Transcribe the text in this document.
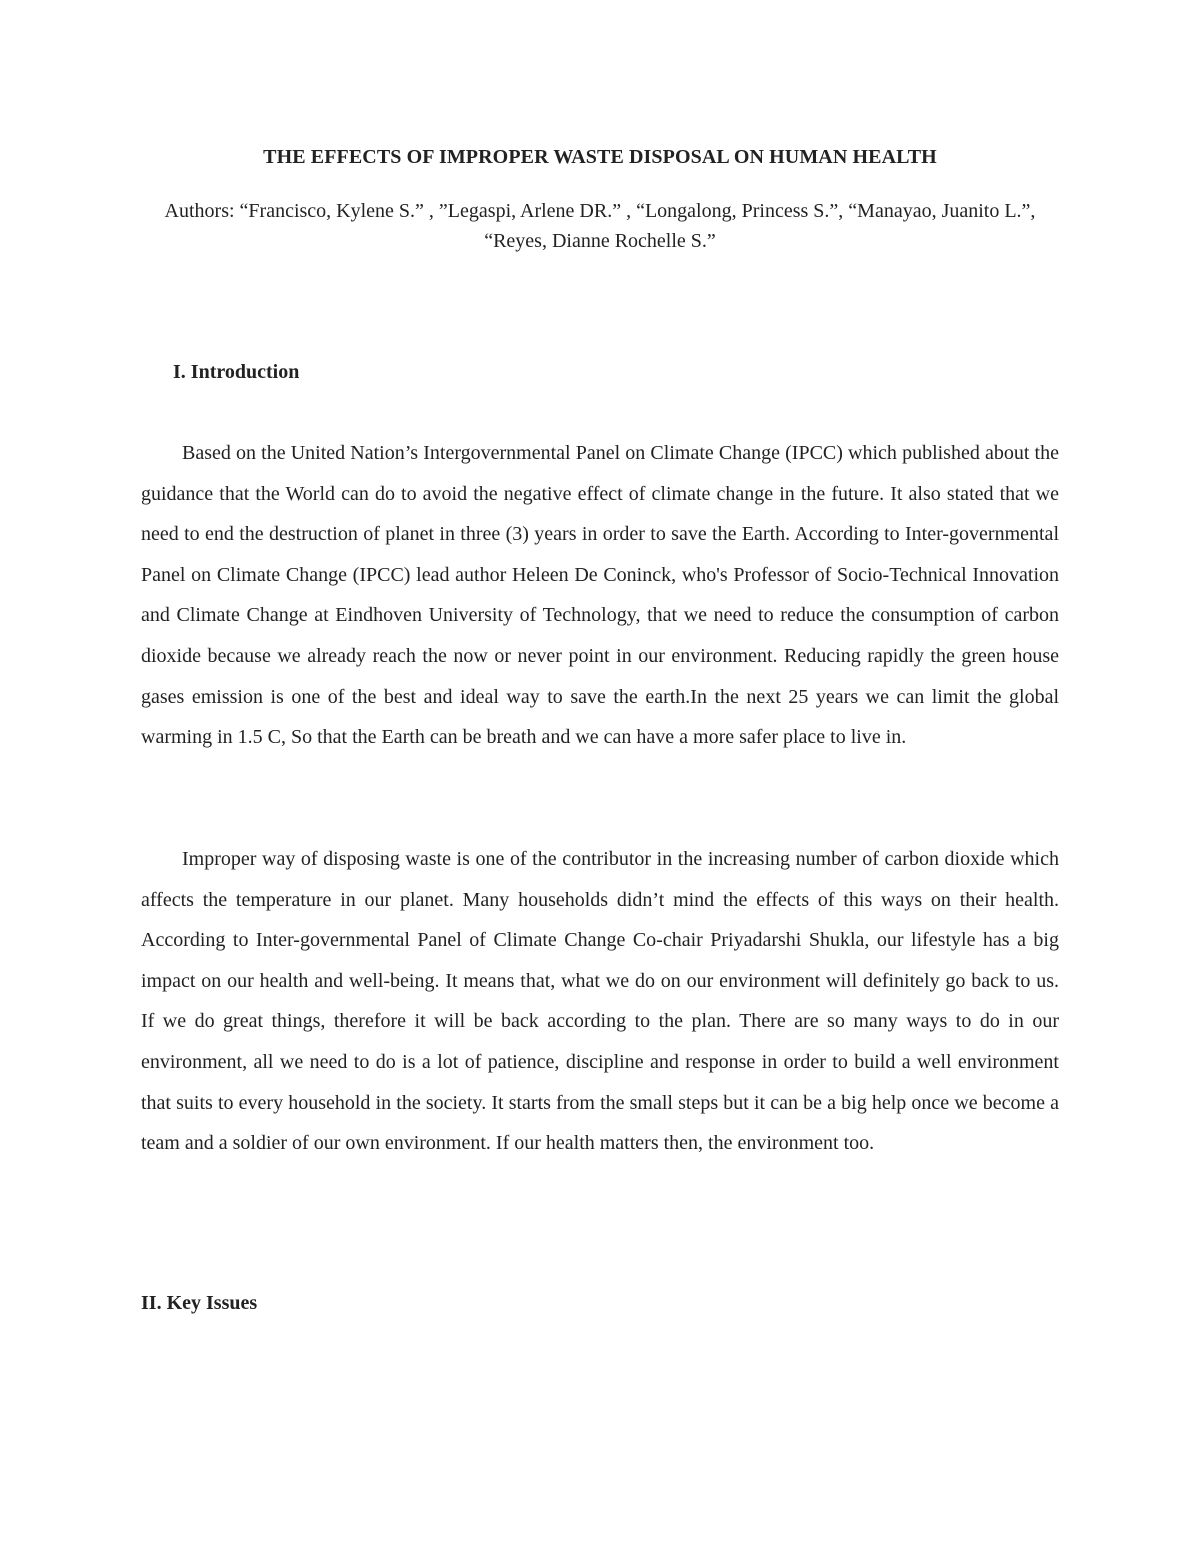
THE EFFECTS OF IMPROPER WASTE DISPOSAL ON HUMAN HEALTH

Authors: “Francisco, Kylene S.” , ”Legaspi, Arlene DR.” , “Longalong, Princess S.”, “Manayao, Juanito L.”, “Reyes, Dianne Rochelle S.”

I. Introduction

Based on the United Nation’s Intergovernmental Panel on Climate Change (IPCC) which published about the guidance that the World can do to avoid the negative effect of climate change in the future. It also stated that we need to end the destruction of planet in three (3) years in order to save the Earth. According to Inter-governmental Panel on Climate Change (IPCC) lead author Heleen De Coninck, who's Professor of Socio-Technical Innovation and Climate Change at Eindhoven University of Technology, that we need to reduce the consumption of carbon dioxide because we already reach the now or never point in our environment. Reducing rapidly the green house gases emission is one of the best and ideal way to save the earth.In the next 25 years we can limit the global warming in 1.5 C, So that the Earth can be breath and we can have a more safer place to live in.

Improper way of disposing waste is one of the contributor in the increasing number of carbon dioxide which affects the temperature in our planet. Many households didn’t mind the effects of this ways on their health. According to Inter-governmental Panel of Climate Change Co-chair Priyadarshi Shukla, our lifestyle has a big impact on our health and well-being. It means that, what we do on our environment will definitely go back to us. If we do great things, therefore it will be back according to the plan. There are so many ways to do in our environment, all we need to do is a lot of patience, discipline and response in order to build a well environment that suits to every household in the society. It starts from the small steps but it can be a big help once we become a team and a soldier of our own environment. If our health matters then, the environment too.

II. Key Issues
